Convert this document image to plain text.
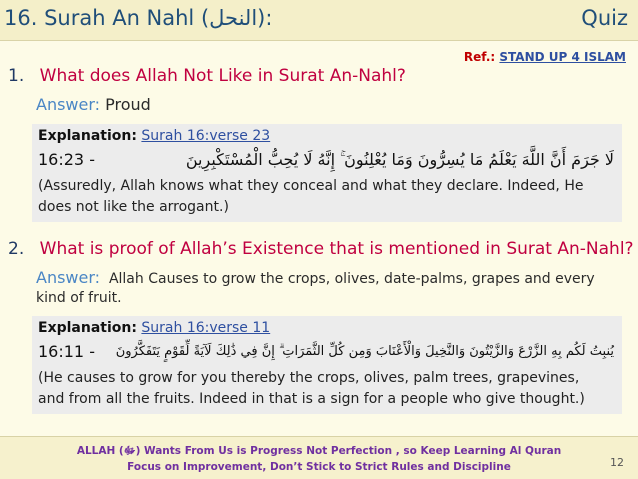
16. Surah An Nahl (النحل):	Quiz
Ref.: STAND UP 4 ISLAM
1. What does Allah Not Like in Surat An-Nahl?
Answer: Proud
Explanation: Surah 16:verse 23
16:23 -	لَا جَرَمَ أَنَّ اللَّهَ يَعْلَمُ مَا يُسِرُّونَ وَمَا يُعْلِنُونَ ۚ إِنَّهُ لَا يُحِبُّ الْمُسْتَكْبِرِينَ
(Assuredly, Allah knows what they conceal and what they declare. Indeed, He
does not like the arrogant.)
2. What is proof of Allah’s Existence that is mentioned in Surat An-Nahl?
Answer: Allah Causes to grow the crops, olives, date-palms, grapes and every
kind of fruit.
Explanation: Surah 16:verse 11
16:11 - يُنبِتُ لَكُم بِهِ الزَّرْعَ وَالزَّيْتُونَ وَالنَّخِيلَ وَالْأَعْنَابَ وَمِن كُلِّ الثَّمَرَاتِ ۗ إِنَّ فِي ذَٰلِكَ لَآيَةً لِّقَوْمٍ يَتَفَكَّرُونَ
(He causes to grow for you thereby the crops, olives, palm trees, grapevines,
and from all the fruits. Indeed in that is a sign for a people who give thought.)
ALLAH (ﷻ) Wants From Us is Progress Not Perfection , so Keep Learning Al Quran
Focus on Improvement, Don’t Stick to Strict Rules and Discipline	12
